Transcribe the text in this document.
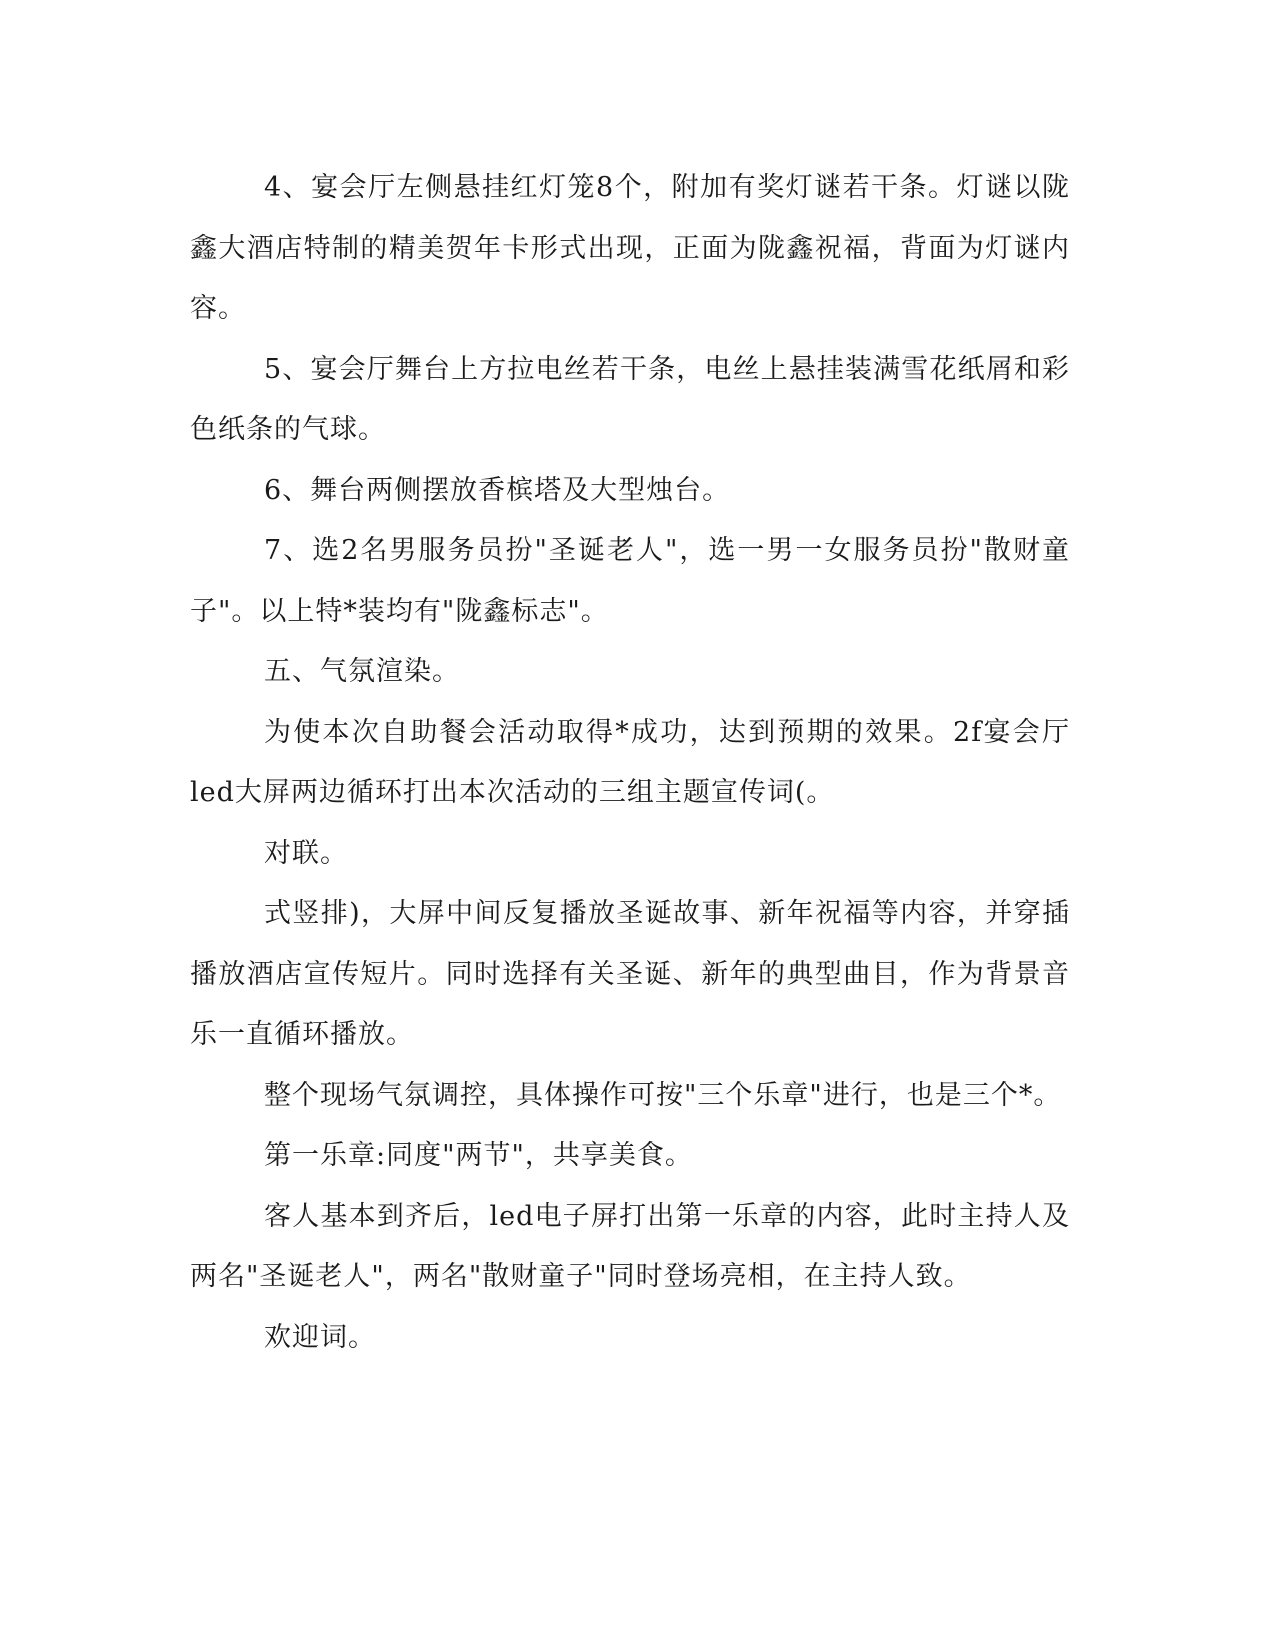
4、宴会厅左侧悬挂红灯笼8个，附加有奖灯谜若干条。灯谜以陇鑫大酒店特制的精美贺年卡形式出现，正面为陇鑫祝福，背面为灯谜内容。

5、宴会厅舞台上方拉电丝若干条，电丝上悬挂装满雪花纸屑和彩色纸条的气球。

6、舞台两侧摆放香槟塔及大型烛台。

7、选2名男服务员扮"圣诞老人"，选一男一女服务员扮"散财童子"。以上特*装均有"陇鑫标志"。

五、气氛渲染。

为使本次自助餐会活动取得*成功，达到预期的效果。2f宴会厅led大屏两边循环打出本次活动的三组主题宣传词(。

对联。

式竖排)，大屏中间反复播放圣诞故事、新年祝福等内容，并穿插播放酒店宣传短片。同时选择有关圣诞、新年的典型曲目，作为背景音乐一直循环播放。

整个现场气氛调控，具体操作可按"三个乐章"进行，也是三个*。

第一乐章:同度"两节"，共享美食。

客人基本到齐后，led电子屏打出第一乐章的内容，此时主持人及两名"圣诞老人"，两名"散财童子"同时登场亮相，在主持人致。

欢迎词。
